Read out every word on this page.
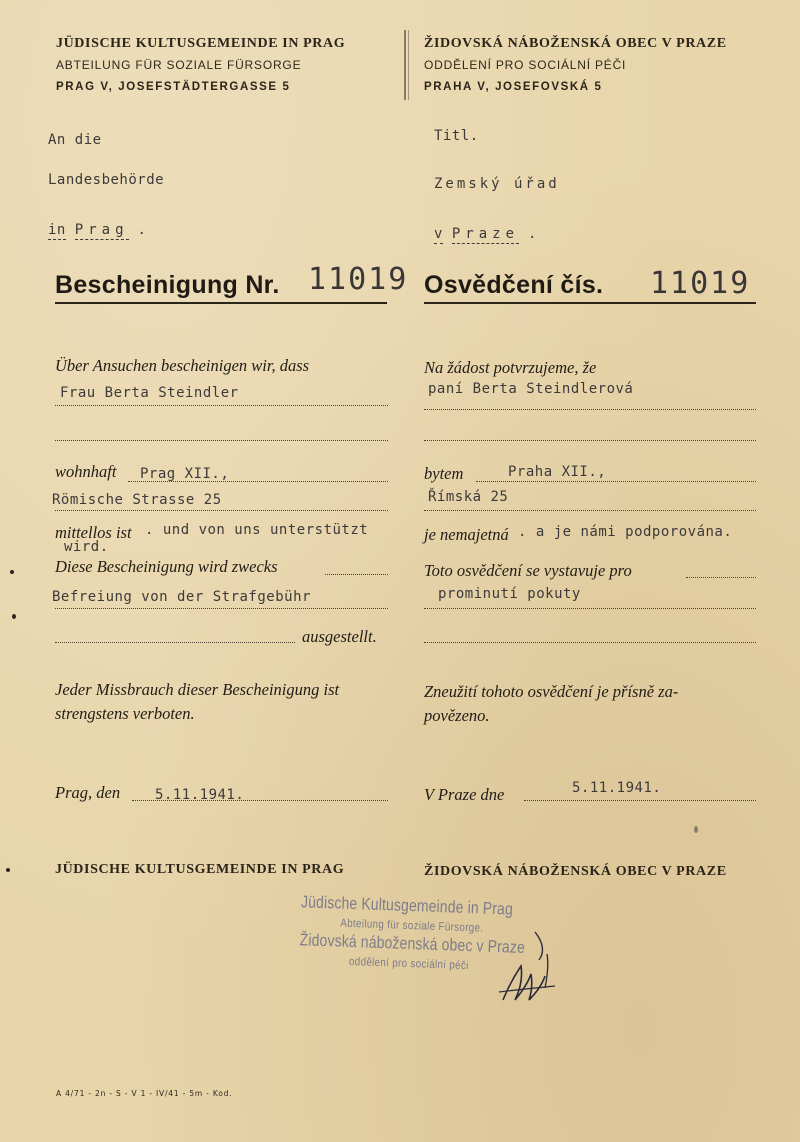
JÜDISCHE KULTUSGEMEINDE IN PRAG
ABTEILUNG FÜR SOZIALE FÜRSORGE
PRAG V, JOSEFSTÄDTERGASSE 5
ŽIDOVSKÁ NÁBOŽENSKÁ OBEC V PRAZE
ODDĚLENÍ PRO SOCIÁLNÍ PÉČI
PRAHA V, JOSEFOVSKÁ 5
An die
Landesbehörde
in Prag .
Titl.
Zemský úřad
v Praze .
Bescheinigung Nr. 11019 Osvědčení čís. 11019
Über Ansuchen bescheinigen wir, dass
Frau Berta Steindler
wohnhaft Prag XII.,
Römische Strasse 25
mittellos ist . und von uns unterstützt
wird.
Diese Bescheinigung wird zwecks
Befreiung von der Strafgebühr
ausgestellt.
Jeder Missbrauch dieser Bescheinigung ist
strengstens verboten.
Prag, den 5.11.1941.
Na žádost potvrzujeme, že
paní Berta Steindlerová
bytem	Praha XII.,
Římská 25
je nemajetná . a je námi podporována.
Toto osvědčení se vystavuje pro
prominutí pokuty
Zneužití tohoto osvědčení je přísně za-
povězeno.
V Praze dne	5.11.1941.
JÜDISCHE KULTUSGEMEINDE IN PRAG	ŽIDOVSKÁ NÁBOŽENSKÁ OBEC V PRAZE
Jüdische Kultusgemeinde in Prag
Abteilung für soziale Fürsorge.
Židovská náboženská obec v Praze
oddělení pro sociální péči
A 4/71 - 2n - S - V 1 - IV/41 - 5m - Kod.
